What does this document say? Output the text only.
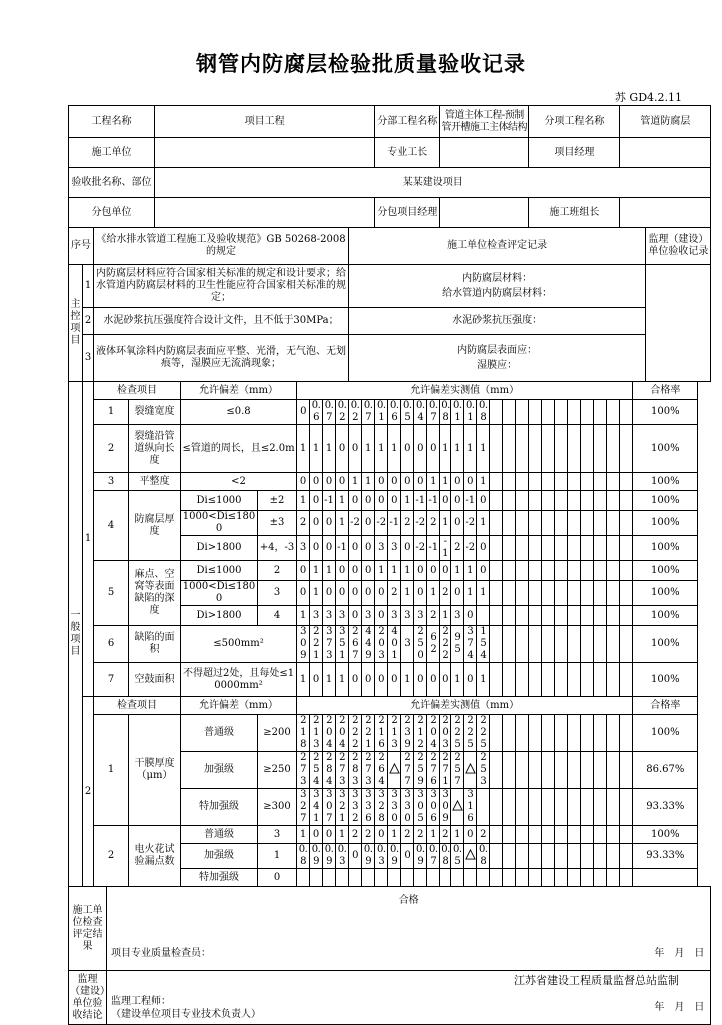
钢管内防腐层检验批质量验收记录
苏 GD4.2.11
工程名称					项目工程									分部工程名称					管道主体工程-预制管开槽施工主体结构							分项工程名称							管道防腐层		
施工单位														专业工长												项目经理									
验收批名称、部位					某某建设项目																														
分包单位														分包项目经理												施工班组长									
序号		《给水排水管道工程施工及验收规范》GB 50268-2008的规定										施工单位检查评定记录																							监理（建设）单位验收记录
主控项目	1	内防腐层材料应符合国家相关标准的规定和设计要求；给水管道内防腐层材料的卫生性能应符合国家相关标准的规定；										内防腐层材料：
给水管道内防腐层材料：																							

	2	水泥砂浆抗压强度符合设计文件，且不低于30MPa；										水泥砂浆抗压强度：																							

	3	液体环氧涂料内防腐层表面应平整、光滑，无气泡、无划痕等，湿膜应无流淌现象；										内防腐层表面应：
湿膜应：																							

一般项目	1	检查项目				允许偏差（mm）		允许偏差实测值（mm）																										合格率	
		1		裂缝宽度		≤0.8		0	0.6	0.7	0.2	0.2	0.7	0.1	0.6	0.5	0.4	0.7	0.8	0.1	0.1	0.8												100%	
		2		裂缝沿管道纵向长度		≤管道的周长，且≤2.0m		1	1	1	0	0	1	1	1	0	0	0	1	1	1	1												100%	
		3		平整度		<2		0	0	0	0	1	1	0	0	0	0	1	1	0	0	1												100%	
		4		防腐层厚度		Di≤1000	±2	1	0	-1	1	0	0	0	0	1	-1	-1	0	0	-1	0												100%	
						1000<Di≤1800	±3	2	0	0	1	-2	0	-2	-1	2	-2	2	1	0	-2	1												100%	
						Di>1800	+4，-3	3	0	0	-1	0	0	3	3	0	-2	-1	-1	2	-2	0												100%	
		5		麻点、空窝等表面缺陷的深度		Di≤1000	2	0	1	1	0	0	0	1	1	1	0	0	0	1	1	0												100%	
						1000<Di≤1800	3	0	1	0	0	0	0	0	2	1	0	1	2	0	1	1												100%	
						Di>1800	4	1	3	3	3	0	3	0	3	3	3	2	1	3	0													100%	
		6		缺陷的面积		≤500mm²		309	221	373	351	267	449	203	401	3	250	62	222	95	374	154												100%	
		7		空鼓面积		不得超过2处，且每处≤10000mm²		1	0	1	1	0	0	0	0	1	0	0	0	1	0	1												100%	
	2	检查项目				允许偏差（mm）		允许偏差实测值（mm）																										合格率	
		1		干膜厚度（μm）		普通级	≥200	218	213	204	204	222	221	216	213	239	212	204	203	225	225	225												100%	
						加强级	≥250	273	254	284	273	283	273	264		277	259	276	271	257		253												86.67%	
						特加强级	≥300	327	341	307	321	332	336	328	330	330	305	306	309		316													93.33%	
		2		电火花试验漏点数		普通级	3	1	0	0	1	2	2	0	1	2	2	1	2	1	0	2												100%	
						加强级	1	0.8	0.9	0.9	0.3	0	0.9	0.3	0.9	0	0.9	0.7	0.8	0.5		0.8												93.33%	
						特加强级	0																												
施工单位检查评定结果			合格
项目专业质量检查员： 年　月　日																																

监理（建设）单位验收结论			监理工程师：
（建设单位项目专业技术负责人）
年　月　日																																
江苏省建设工程质量监督总站监制
